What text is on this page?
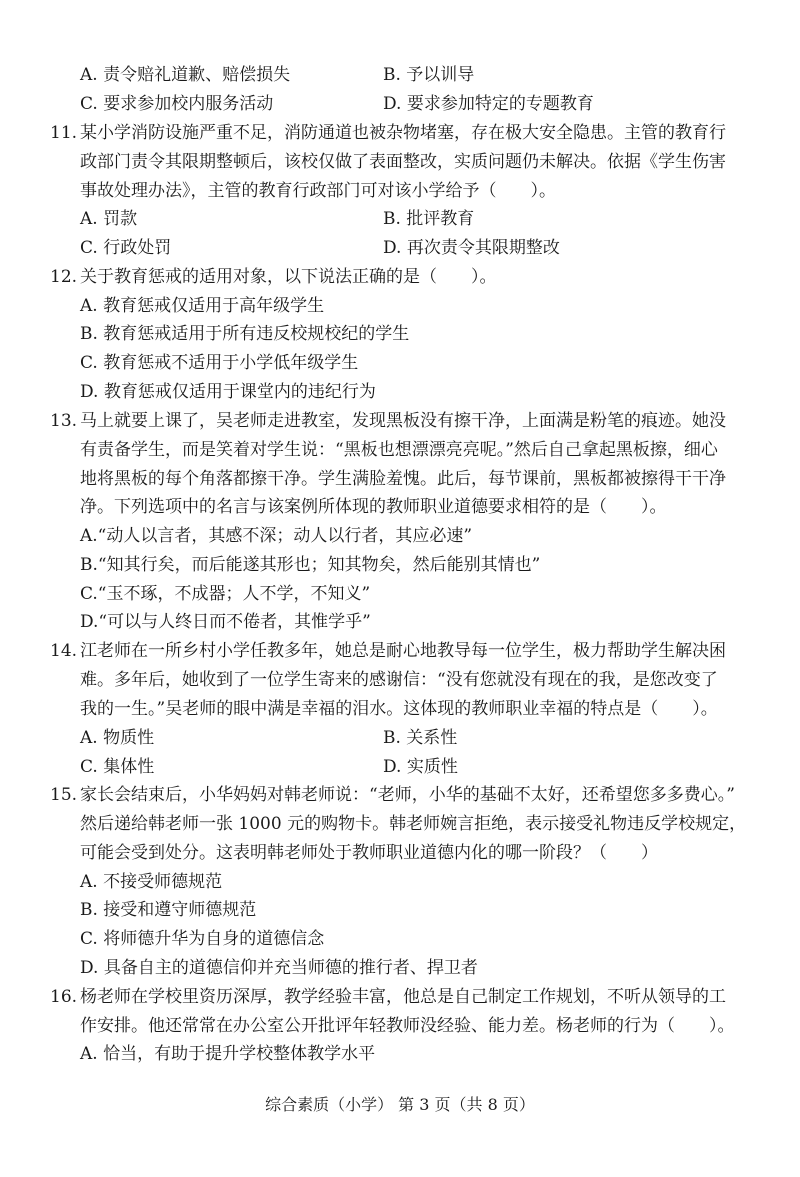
A. 责令赔礼道歉、赔偿损失	B. 予以训导
C. 要求参加校内服务活动	D. 要求参加特定的专题教育
11. 某小学消防设施严重不足，消防通道也被杂物堵塞，存在极大安全隐患。主管的教育行
政部门责令其限期整顿后，该校仅做了表面整改，实质问题仍未解决。依据《学生伤害
事故处理办法》，主管的教育行政部门可对该小学给予（　　）。
A. 罚款	B. 批评教育
C. 行政处罚	D. 再次责令其限期整改
12. 关于教育惩戒的适用对象，以下说法正确的是（　　）。
A. 教育惩戒仅适用于高年级学生
B. 教育惩戒适用于所有违反校规校纪的学生
C. 教育惩戒不适用于小学低年级学生
D. 教育惩戒仅适用于课堂内的违纪行为
13. 马上就要上课了，吴老师走进教室，发现黑板没有擦干净，上面满是粉笔的痕迹。她没
有责备学生，而是笑着对学生说：“黑板也想漂漂亮亮呢。”然后自己拿起黑板擦，细心
地将黑板的每个角落都擦干净。学生满脸羞愧。此后，每节课前，黑板都被擦得干干净
净。下列选项中的名言与该案例所体现的教师职业道德要求相符的是（　　）。
A.“动人以言者，其感不深；动人以行者，其应必速”
B.“知其行矣，而后能遂其形也；知其物矣，然后能别其情也”
C.“玉不琢，不成器；人不学，不知义”
D.“可以与人终日而不倦者，其惟学乎”
14. 江老师在一所乡村小学任教多年，她总是耐心地教导每一位学生，极力帮助学生解决困
难。多年后，她收到了一位学生寄来的感谢信：“没有您就没有现在的我，是您改变了
我的一生。”吴老师的眼中满是幸福的泪水。这体现的教师职业幸福的特点是（　　）。
A. 物质性	B. 关系性
C. 集体性	D. 实质性
15. 家长会结束后，小华妈妈对韩老师说：“老师，小华的基础不太好，还希望您多多费心。”
然后递给韩老师一张 1000 元的购物卡。韩老师婉言拒绝，表示接受礼物违反学校规定，
可能会受到处分。这表明韩老师处于教师职业道德内化的哪一阶段？（　　）
A. 不接受师德规范
B. 接受和遵守师德规范
C. 将师德升华为自身的道德信念
D. 具备自主的道德信仰并充当师德的推行者、捍卫者
16. 杨老师在学校里资历深厚，教学经验丰富，他总是自己制定工作规划，不听从领导的工
作安排。他还常常在办公室公开批评年轻教师没经验、能力差。杨老师的行为（　　）。
A. 恰当，有助于提升学校整体教学水平
综合素质（小学） 第 3 页（共 8 页）
